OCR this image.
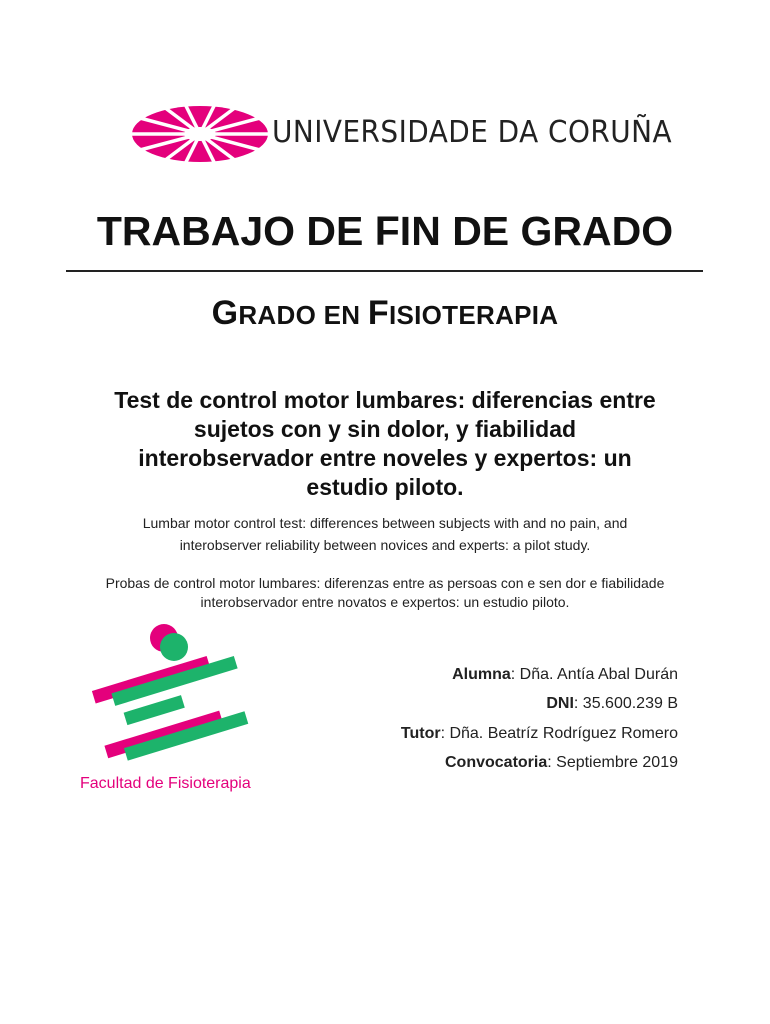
UNIVERSIDADE DA CORUÑA
TRABAJO DE FIN DE GRADO
GRADO EN FISIOTERAPIA
Test de control motor lumbares: diferencias entre
sujetos con y sin dolor, y fiabilidad
interobservador entre noveles y expertos: un
estudio piloto.
Lumbar motor control test: differences between subjects with and no pain, and
interobserver reliability between novices and experts: a pilot study.
Probas de control motor lumbares: diferenzas entre as persoas con e sen dor e fiabilidade
interobservador entre novatos e expertos: un estudio piloto.
Facultad de Fisioterapia
Alumna: Dña. Antía Abal Durán
DNI: 35.600.239 B
Tutor: Dña. Beatríz Rodríguez Romero
Convocatoria: Septiembre 2019
